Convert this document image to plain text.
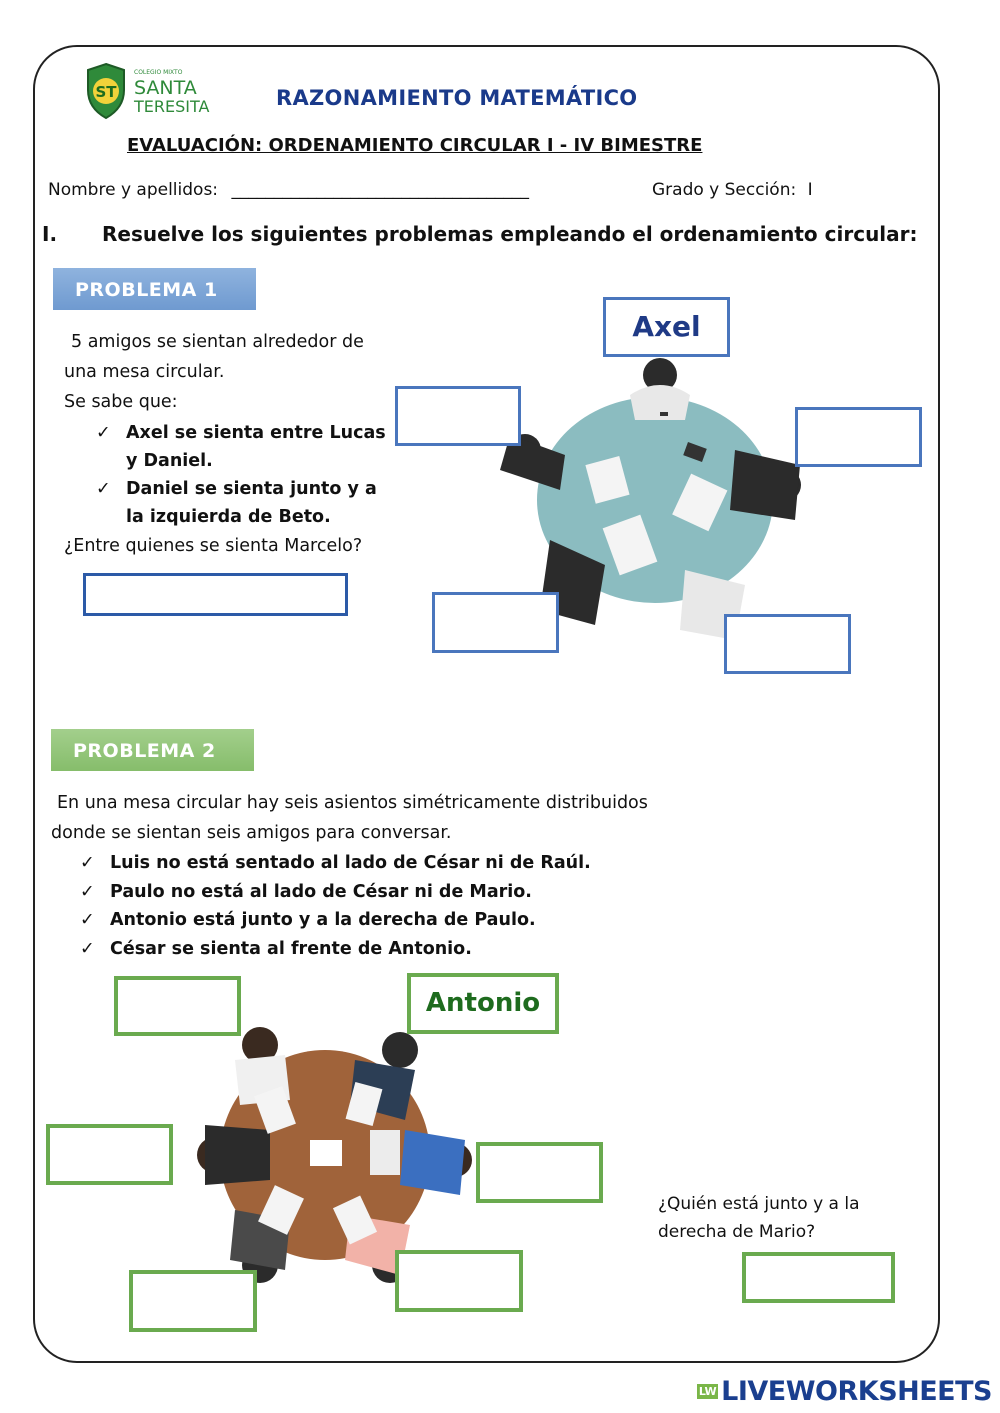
ST
COLEGIO MIXTO
SANTA
TERESITA	RAZONAMIENTO MATEMÁTICO
EVALUACIÓN: ORDENAMIENTO CIRCULAR I - IV BIMESTRE
Nombre y apellidos: ___________________________________	Grado y Sección: I
I. Resuelve los siguientes problemas empleando el ordenamiento circular:
PROBLEMA 1
5 amigos se sientan alrededor de
una mesa circular.
Se sabe que:
✓ Axel se sienta entre Lucas
y Daniel.
✓ Daniel se sienta junto y a
la izquierda de Beto.
¿Entre quienes se sienta Marcelo?
Axel
PROBLEMA 2
En una mesa circular hay seis asientos simétricamente distribuidos
donde se sientan seis amigos para conversar.
✓ Luis no está sentado al lado de César ni de Raúl.
✓ Paulo no está al lado de César ni de Mario.
✓ Antonio está junto y a la derecha de Paulo.
✓ César se sienta al frente de Antonio.
Antonio
¿Quién está junto y a la
derecha de Mario?
LW LIVEWORKSHEETS
